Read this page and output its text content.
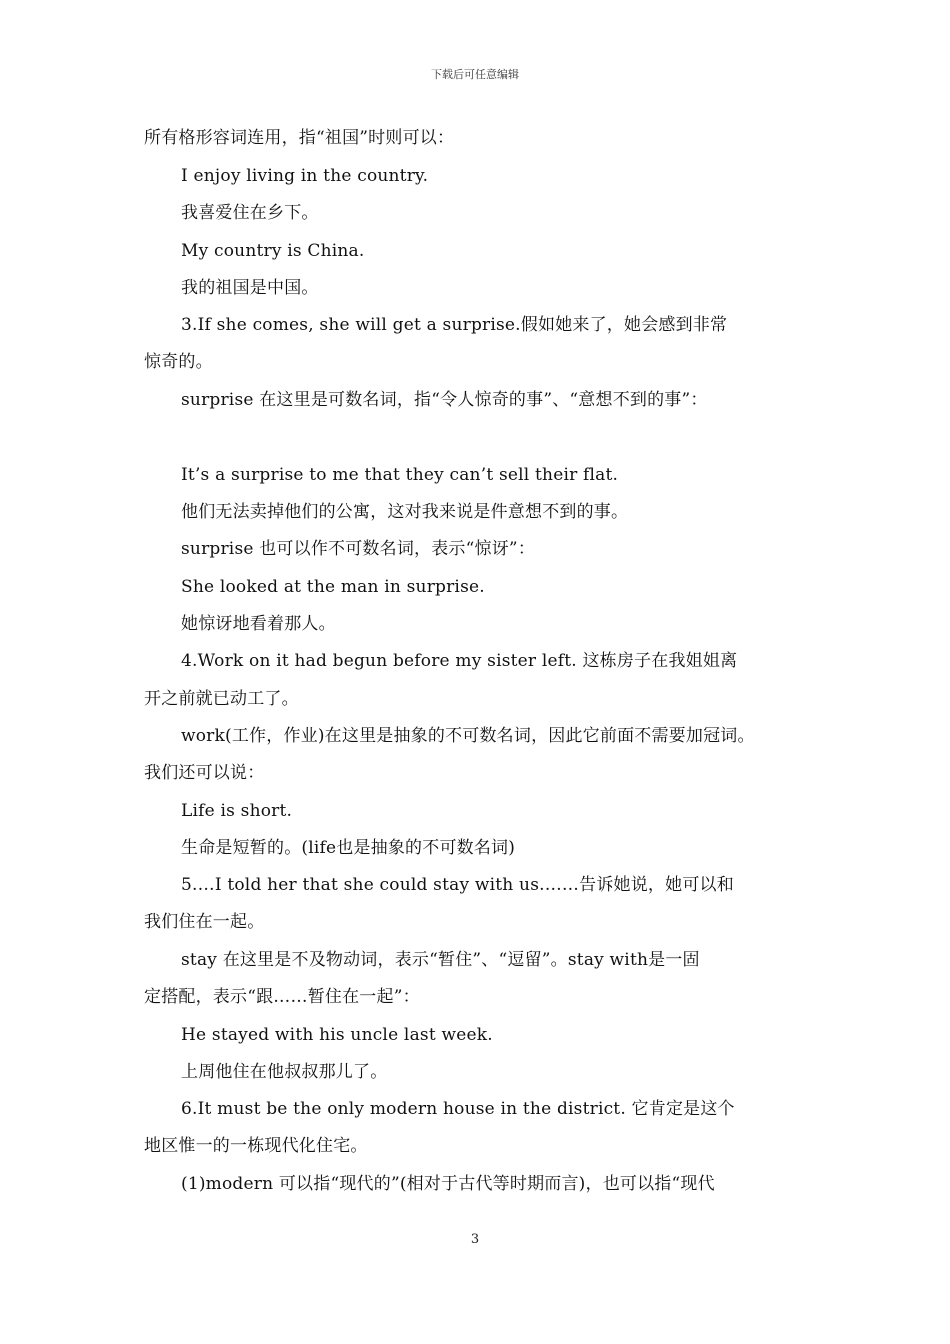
下载后可任意编辑
所有格形容词连用，指“祖国”时则可以：
I enjoy living in the country.
我喜爱住在乡下。
My country is China.
我的祖国是中国。
3.If she comes, she will get a surprise.假如她来了，她会感到非常
惊奇的。
surprise 在这里是可数名词，指“令人惊奇的事”、“意想不到的事”：
It’s a surprise to me that they can’t sell their flat.
他们无法卖掉他们的公寓，这对我来说是件意想不到的事。
surprise 也可以作不可数名词，表示“惊讶”：
She looked at the man in surprise.
她惊讶地看着那人。
4.Work on it had begun before my sister left. 这栋房子在我姐姐离
开之前就已动工了。
work(工作，作业)在这里是抽象的不可数名词，因此它前面不需要加冠词。
我们还可以说：
Life is short.
生命是短暂的。(life也是抽象的不可数名词)
5.…I told her that she could stay with us.……告诉她说，她可以和
我们住在一起。
stay 在这里是不及物动词，表示“暂住”、“逗留”。stay with是一固
定搭配，表示“跟……暂住在一起”：
He stayed with his uncle last week.
上周他住在他叔叔那儿了。
6.It must be the only modern house in the district. 它肯定是这个
地区惟一的一栋现代化住宅。
(1)modern 可以指“现代的”(相对于古代等时期而言)，也可以指“现代
3
